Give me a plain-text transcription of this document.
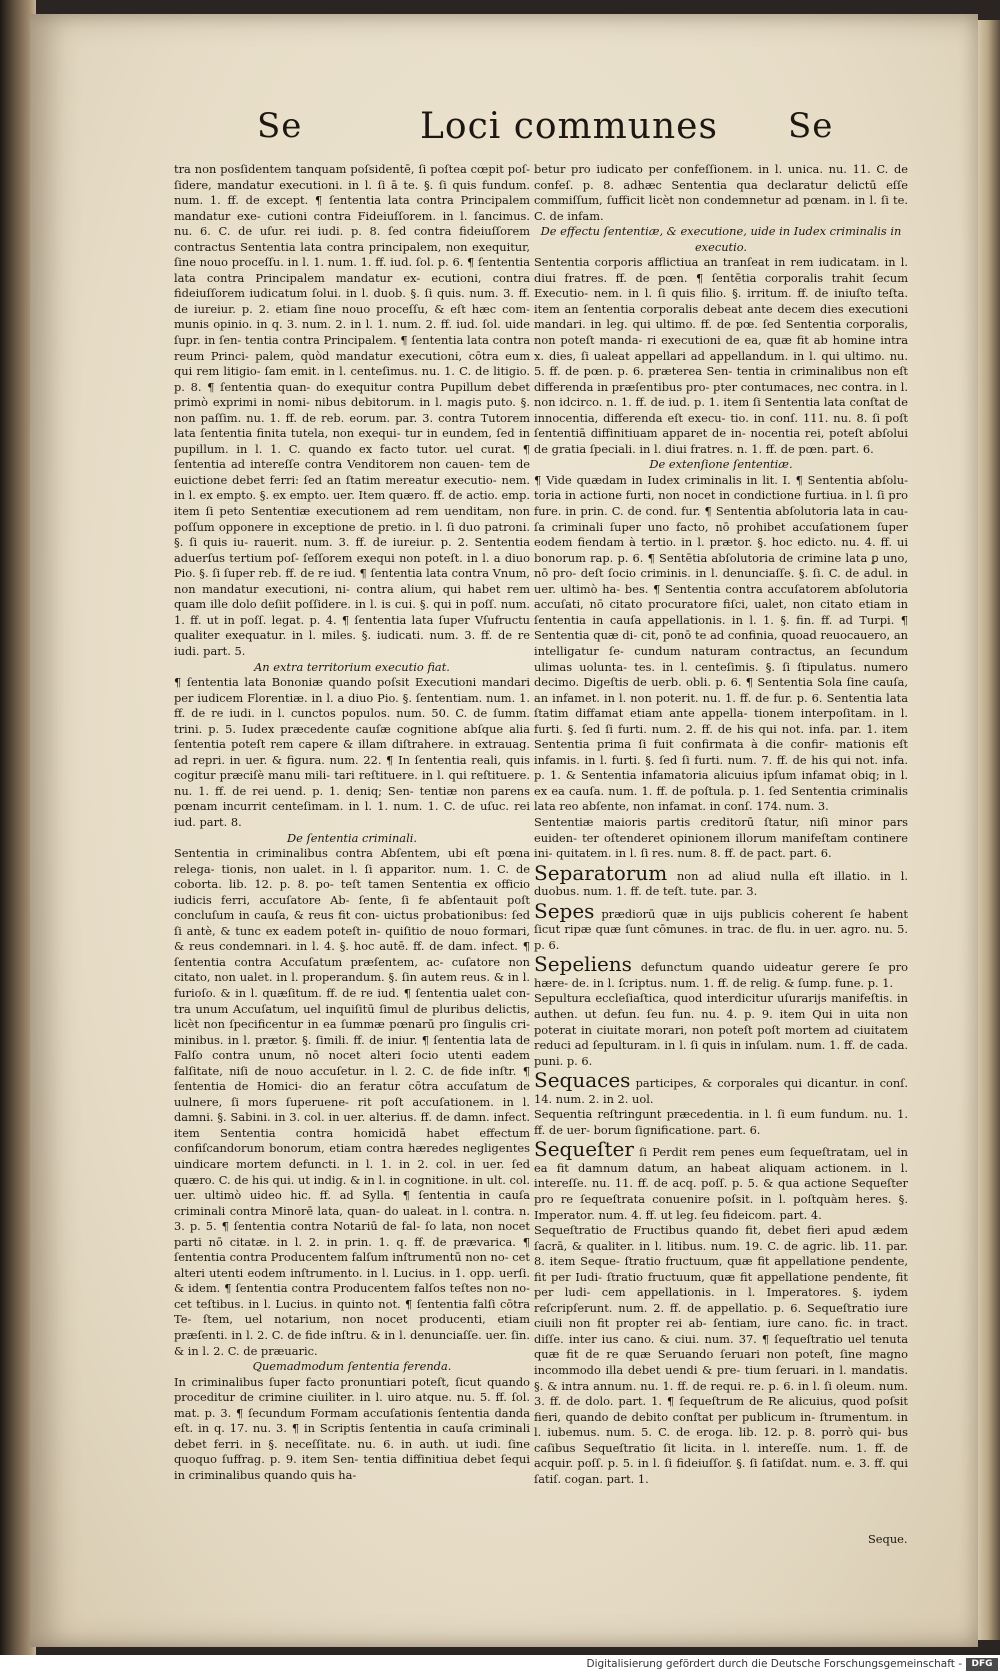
Se	Loci communes Se

tra non posſidentem tanquam poſsidentē, ſi poſtea cœpit poſ- ſidere, mandatur executioni. in l. ſi ā te. §. ſi quis fundum. num. 1. ff. de except. ¶ ſententia lata contra Principalem mandatur exe- cutioni contra Fideiuſſorem. in l. ſancimus. nu. 6. C. de uſur. rei iudi. p. 8. ſed contra fideiuſſorem contractus Sententia lata contra principalem, non exequitur, ſine nouo proceſſu. in l. 1. num. 1. ff. iud. ſol. p. 6. ¶ ſententia lata contra Principalem mandatur ex- ecutioni, contra fideiuſſorem iudicatum ſolui. in l. duob. §. ſi quis. num. 3. ff. de iureiur. p. 2. etiam ſine nouo proceſſu, & eſt hæc com- munis opinio. in q. 3. num. 2. in l. 1. num. 2. ff. iud. ſol. uide ſupr. in ſen- tentia contra Principalem. ¶ ſententia lata contra reum Princi- palem, quòd mandatur executioni, cōtra eum qui rem litigio- ſam emit. in l. centeſimus. nu. 1. C. de litigio. p. 8. ¶ ſententia quan- do exequitur contra Pupillum debet primò exprimi in nomi- nibus debitorum. in l. magis puto. §. non paſſim. nu. 1. ff. de reb. eorum. par. 3. contra Tutorem lata ſententia finita tutela, non exequi- tur in eundem, ſed in pupillum. in l. 1. C. quando ex facto tutor. uel curat. ¶ ſententia ad intereſſe contra Venditorem non cauen- tem de euictione debet ferri: ſed an ſtatim mereatur executio- nem. in l. ex empto. §. ex empto. uer. Item quæro. ff. de actio. emp. item ſi peto Sententiæ executionem ad rem uenditam, non poſſum opponere in exceptione de pretio. in l. ſi duo patroni. §. ſi quis iu- rauerit. num. 3. ff. de iureiur. p. 2. Sententia aduerſus tertium poſ- ſeſſorem exequi non poteſt. in l. a diuo Pio. §. ſi ſuper reb. ff. de re iud. ¶ ſententia lata contra Vnum, non mandatur executioni, ni- contra alium, qui habet rem quam ille dolo deſiit poſſidere. in l. is cui. §. qui in poſſ. num. 1. ff. ut in poſſ. legat. p. 4. ¶ ſententia lata ſuper Vſufructu qualiter exequatur. in l. miles. §. iudicati. num. 3. ff. de re iudi. part. 5.

An extra territorium executio fiat.

¶ ſententia lata Bononiæ quando poſsit Executioni mandari per iudicem Florentiæ. in l. a diuo Pio. §. ſententiam. num. 1. ff. de re iudi. in l. cunctos populos. num. 50. C. de ſumm. trini. p. 5. Iudex præcedente cauſæ cognitione abſque alia ſententia poteſt rem capere & illam diſtrahere. in extrauag. ad repri. in uer. & figura. num. 22. ¶ In ſententia reali, quis cogitur præciſè manu mili- tari reſtituere. in l. qui reſtituere. nu. 1. ff. de rei uend. p. 1. deniq; Sen- tentiæ non parens pœnam incurrit centeſimam. in l. 1. num. 1. C. de uſuc. rei iud. part. 8.

De ſententia criminali.

Sententia in criminalibus contra Abſentem, ubi eſt pœna relega- tionis, non ualet. in l. ſi apparitor. num. 1. C. de coborta. lib. 12. p. 8. po- teſt tamen Sententia ex officio iudicis ferri, accuſatore Ab- ſente, ſi fe abſentauit poſt concluſum in cauſa, & reus fit con- uictus probationibus: ſed ſi antè, & tunc ex eadem poteſt in- quiſitio de nouo formari, & reus condemnari. in l. 4. §. hoc autē. ff. de dam. infect. ¶ ſententia contra Accuſatum præſentem, ac- cuſatore non citato, non ualet. in l. properandum. §. ſin autem reus. & in l. furioſo. & in l. quæſitum. ff. de re iud. ¶ ſententia ualet con- tra unum Accuſatum, uel inquiſitū ſimul de pluribus delictis, licèt non ſpecificentur in ea ſummæ pœnarū pro ſingulis cri- minibus. in l. prætor. §. ſimili. ff. de iniur. ¶ ſententia lata de Falſo contra unum, nō nocet alteri ſocio utenti eadem falſitate, niſi de nouo accuſetur. in l. 2. C. de fide inſtr. ¶ ſententia de Homici- dio an feratur cōtra accuſatum de uulnere, ſi mors ſuperuene- rit poſt accuſationem. in l. damni. §. Sabini. in 3. col. in uer. alterius. ff. de damn. infect. item Sententia contra homicidā habet effectum confiſcandorum bonorum, etiam contra hæredes negligentes uindicare mortem defuncti. in l. 1. in 2. col. in uer. ſed quæro. C. de his qui. ut indig. & in l. in cognitione. in ult. col. uer. ultimò uideo hic. ff. ad Sylla. ¶ ſententia in cauſa criminali contra Minorē lata, quan- do ualeat. in l. contra. n. 3. p. 5. ¶ ſententia contra Notariū de fal- ſo lata, non nocet parti nō citatæ. in l. 2. in prin. 1. q. ff. de prævarica. ¶ ſententia contra Producentem falſum inſtrumentū non no- cet alteri utenti eodem inſtrumento. in l. Lucius. in 1. opp. uerſi. & idem. ¶ ſententia contra Producentem falſos teſtes non no- cet teſtibus. in l. Lucius. in quinto not. ¶ ſententia falſi cōtra Te- ſtem, uel notarium, non nocet producenti, etiam præſenti. in l. 2. C. de fide inſtru. & in l. denunciaſſe. uer. ſin. & in l. 2. C. de præuaric.

Quemadmodum ſententia ferenda.

In criminalibus ſuper facto pronuntiari poteſt, ſicut quando proceditur de crimine ciuiliter. in l. uiro atque. nu. 5. ff. ſol. mat. p. 3. ¶ ſecundum Formam accuſationis ſententia danda eſt. in q. 17. nu. 3. ¶ in Scriptis ſententia in cauſa criminali debet ferri. in §. neceſſitate. nu. 6. in auth. ut iudi. ſine quoquo ſuffrag. p. 9. item Sen- tentia diffinitiua debet ſequi in criminalibus quando quis ha-

betur pro iudicato per confeſſionem. in l. unica. nu. 11. C. de confeſ. p. 8. adhæc Sententia qua declaratur delictū eſſe commiſſum, ſufficit licèt non condemnetur ad pœnam. in l. ſi te. C. de infam.

De effectu ſententiæ, & executione, uide in Iudex criminalis in executio.

Sententia corporis afflictiua an tranſeat in rem iudicatam. in l. diui fratres. ff. de pœn. ¶ ſentētia corporalis trahit ſecum Executio- nem. in l. ſi quis filio. §. irritum. ff. de iniuſto teſta. item an ſententia corporalis debeat ante decem dies executioni mandari. in leg. qui ultimo. ff. de pœ. ſed Sententia corporalis, non poteſt manda- ri executioni de ea, quæ fit ab homine intra x. dies, ſi ualeat appellari ad appellandum. in l. qui ultimo. nu. 5. ff. de pœn. p. 6. præterea Sen- tentia in criminalibus non eſt differenda in præſentibus pro- pter contumaces, nec contra. in l. non idcirco. n. 1. ff. de iud. p. 1. item ſi Sententia lata conſtat de innocentia, differenda eſt execu- tio. in conſ. 111. nu. 8. ſi poſt ſententiā diffinitiuam apparet de in- nocentia rei, poteſt abſolui de gratia ſpeciali. in l. diui fratres. n. 1. ff. de pœn. part. 6.

De extenſione ſententiæ.

¶ Vide quædam in Iudex criminalis in lit. I. ¶ Sententia abſolu- toria in actione furti, non nocet in condictione furtiua. in l. ſi pro fure. in prin. C. de cond. fur. ¶ Sententia abſolutoria lata in cau- ſa criminali ſuper uno facto, nō prohibet accuſationem ſuper eodem fiendam à tertio. in l. prætor. §. hoc edicto. nu. 4. ff. ui bonorum rap. p. 6. ¶ Sentētia abſolutoria de crimine lata ꝑ uno, nō pro- deſt ſocio criminis. in l. denunciaſſe. §. ſi. C. de adul. in uer. ultimò ha- bes. ¶ Sententia contra accuſatorem abſolutoria accuſati, nō citato procuratore fiſci, ualet, non citato etiam in ſententia in cauſa appellationis. in l. 1. §. fin. ff. ad Turpi. ¶ Sententia quæ di- cit, ponō te ad confinia, quoad reuocauero, an intelligatur ſe- cundum naturam contractus, an ſecundum ulimas uolunta- tes. in l. centeſimis. §. ſi ſtipulatus. numero decimo. Digeſtis de uerb. obli. p. 6. ¶ Sententia Sola ſine cauſa, an infamet. in l. non poterit. nu. 1. ff. de fur. p. 6. Sententia lata ſtatim diffamat etiam ante appella- tionem interpoſitam. in l. furti. §. ſed ſi furti. num. 2. ff. de his qui not. infa. par. 1. item Sententia prima ſi fuit confirmata à die confir- mationis eſt infamis. in l. furti. §. ſed ſi furti. num. 7. ff. de his qui not. infa. p. 1. & Sententia infamatoria alicuius ipſum infamat obiq; in l. ex ea cauſa. num. 1. ff. de poſtula. p. 1. ſed Sententia criminalis lata reo abſente, non infamat. in conſ. 174. num. 3.

Sententiæ maioris partis creditorū ſtatur, niſi minor pars euiden- ter oſtenderet opinionem illorum manifeſtam continere ini- quitatem. in l. ſi res. num. 8. ff. de pact. part. 6.

Separatorum non ad aliud nulla eſt illatio. in l. duobus. num. 1. ff. de teſt. tute. par. 3.

Sepes prædiorū quæ in uijs publicis coherent ſe habent ſicut ripæ quæ ſunt cōmunes. in trac. de flu. in uer. agro. nu. 5. p. 6.

Sepeliens defunctum quando uideatur gerere ſe pro hære- de. in l. ſcriptus. num. 1. ff. de relig. & ſump. fune. p. 1.

Sepultura eccleſiaſtica, quod interdicitur uſurarijs manifeſtis. in authen. ut defun. ſeu fun. nu. 4. p. 9. item Qui in uita non poterat in ciuitate morari, non poteſt poſt mortem ad ciuitatem reduci ad ſepulturam. in l. ſi quis in inſulam. num. 1. ff. de cada. puni. p. 6.

Sequaces participes, & corporales qui dicantur. in conſ. 14. num. 2. in 2. uol.

Sequentia reſtringunt præcedentia. in l. ſi eum fundum. nu. 1. ff. de uer- borum ſignificatione. part. 6.

Sequeſter ſi Perdit rem penes eum ſequeſtratam, uel in ea fit damnum datum, an habeat aliquam actionem. in l. intereſſe. nu. 11. ff. de acq. poſſ. p. 5. & qua actione Sequeſter pro re ſequeſtrata conuenire poſsit. in l. poſtquàm heres. §. Imperator. num. 4. ff. ut leg. ſeu fideicom. part. 4.

Sequeſtratio de Fructibus quando fit, debet fieri apud ædem ſacrā, & qualiter. in l. litibus. num. 19. C. de agric. lib. 11. par. 8. item Seque- ſtratio fructuum, quæ fit appellatione pendente, fit per Iudi- ſtratio fructuum, quæ fit appellatione pendente, fit per ludi- cem appellationis. in l. Imperatores. §. iydem reſcripſerunt. num. 2. ff. de appellatio. p. 6. Sequeſtratio iure ciuili non fit propter rei ab- ſentiam, iure cano. fic. in tract. diſſe. inter ius cano. & ciui. num. 37. ¶ ſequeſtratio uel tenuta quæ fit de re quæ Seruando ſeruari non poteſt, ſine magno incommodo illa debet uendi & pre- tium ſeruari. in l. mandatis. §. & intra annum. nu. 1. ff. de requi. re. p. 6. in l. ſi oleum. num. 3. ff. de dolo. part. 1. ¶ ſequeſtrum de Re alicuius, quod poſsit fieri, quando de debito conſtat per publicum in- ſtrumentum. in l. iubemus. num. 5. C. de eroga. lib. 12. p. 8. porrò qui- bus caſibus Sequeſtratio ſit licita. in l. intereſſe. num. 1. ff. de acquir. poſſ. p. 5. in l. ſi fideiuſſor. §. ſi ſatiſdat. num. e. 3. ff. qui ſatiſ. cogan. part. 1.

Seque.
Digitalisierung gefördert durch die Deutsche Forschungsgemeinschaft -	DFG
